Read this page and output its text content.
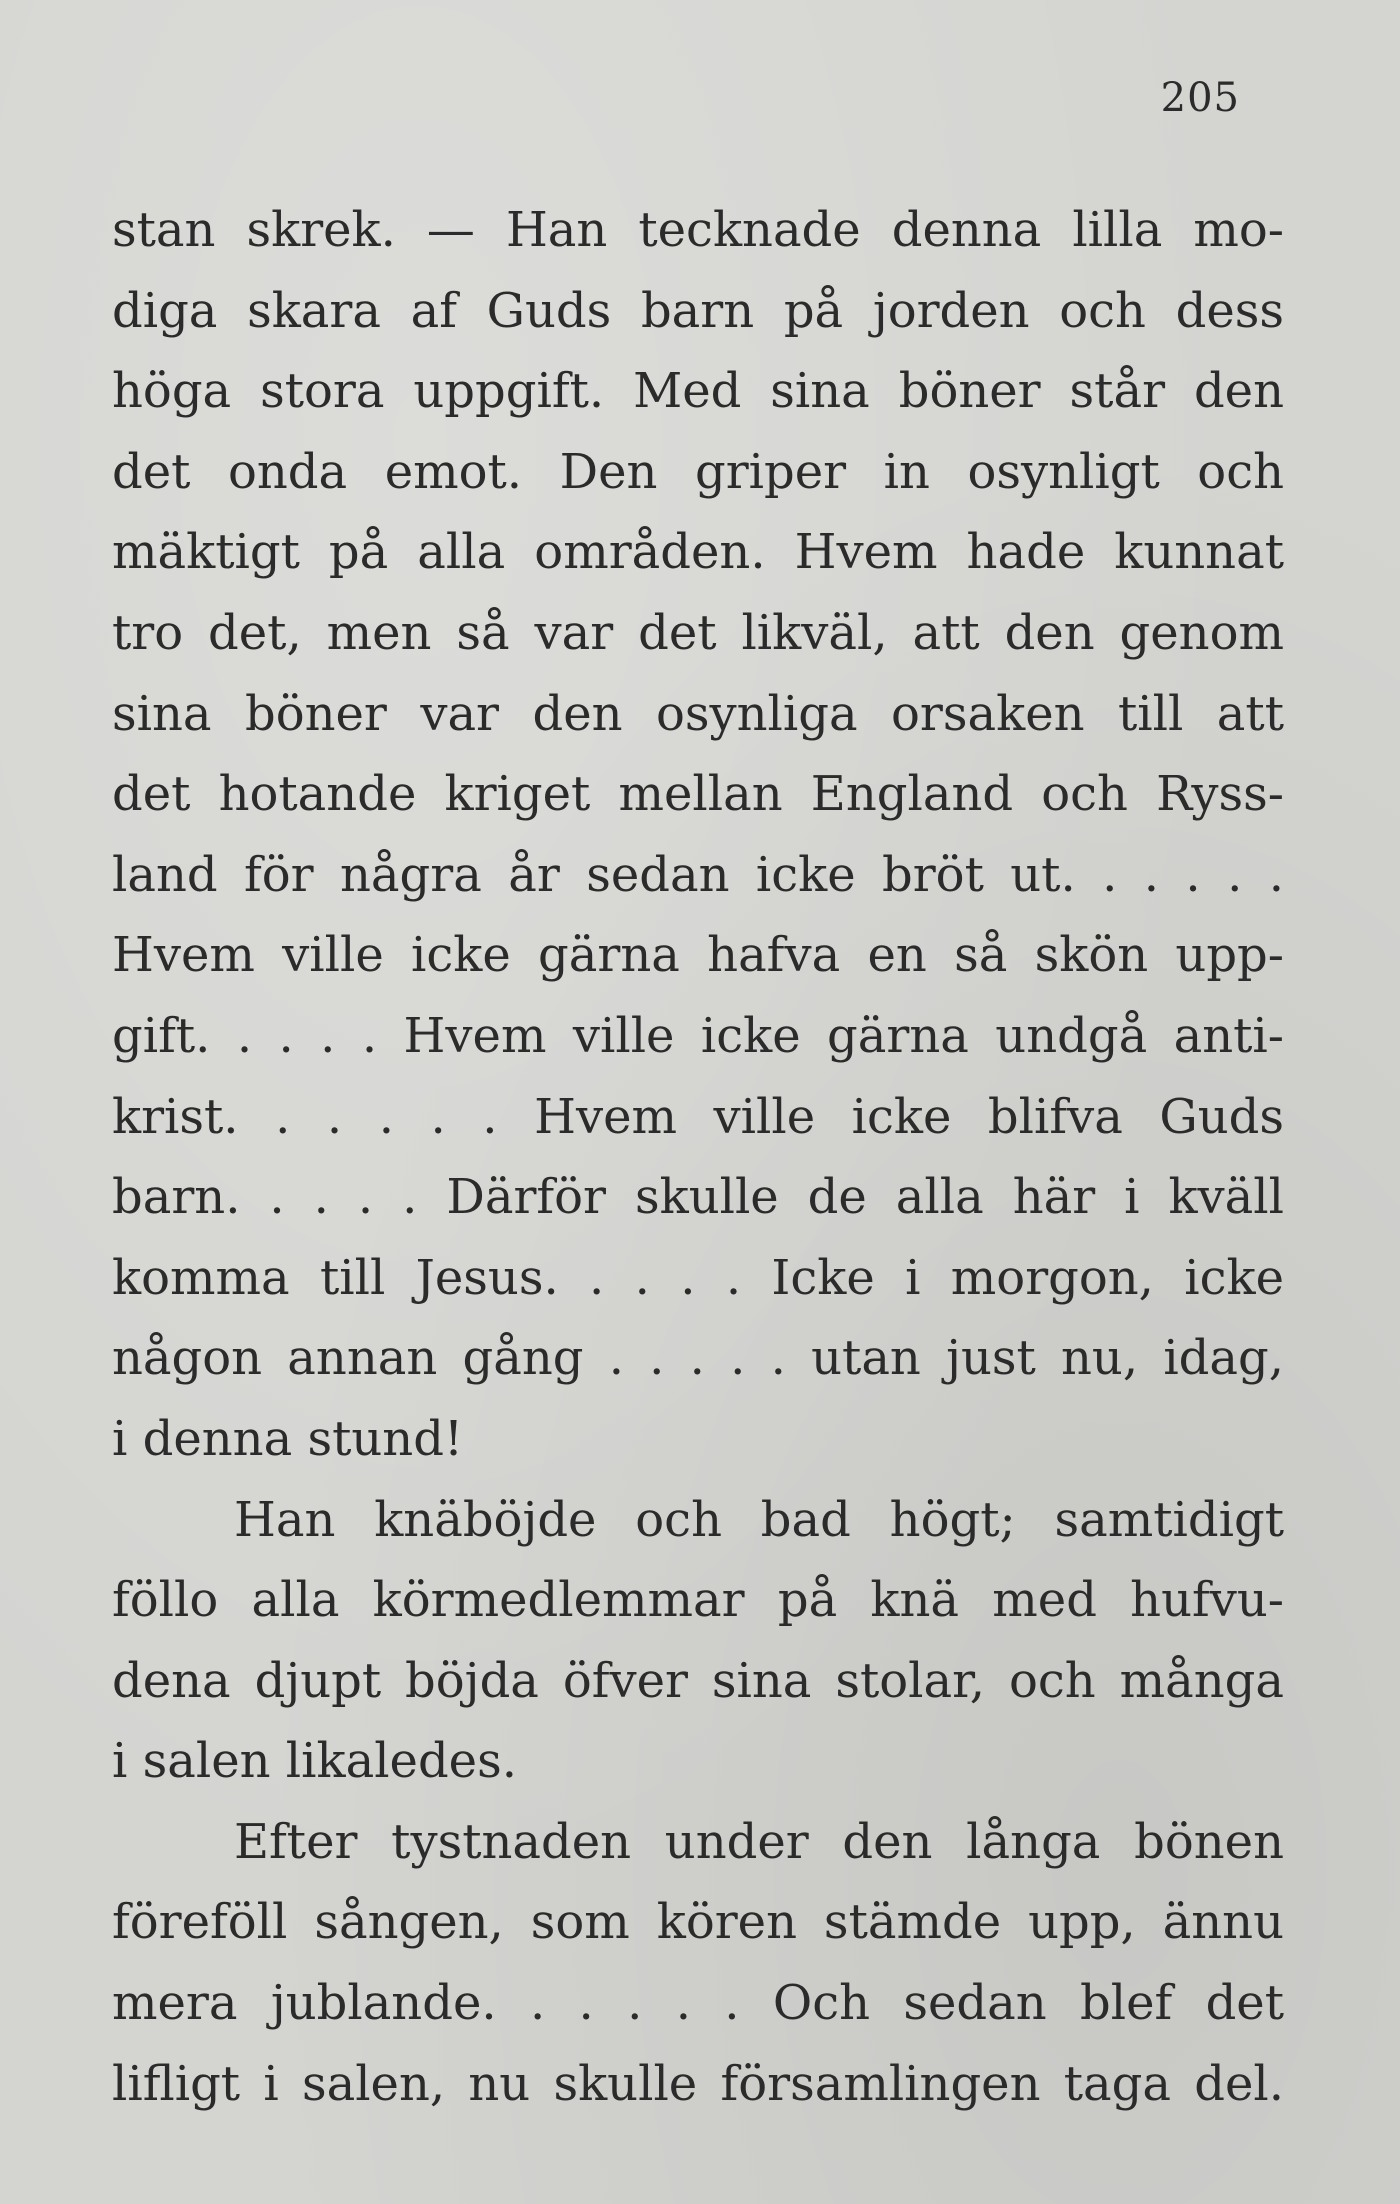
205
stan skrek. — Han tecknade denna lilla mo-
diga skara af Guds barn på jorden och dess
höga stora uppgift. Med sina böner står den
det onda emot. Den griper in osynligt och
mäktigt på alla områden. Hvem hade kunnat
tro det, men så var det likväl, att den genom
sina böner var den osynliga orsaken till att
det hotande kriget mellan England och Ryss-
land för några år sedan icke bröt ut. . . . . .
Hvem ville icke gärna hafva en så skön upp-
gift. . . . . Hvem ville icke gärna undgå anti-
krist. . . . . . Hvem ville icke blifva Guds
barn. . . . . Därför skulle de alla här i kväll
komma till Jesus. . . . . Icke i morgon, icke
någon annan gång . . . . . utan just nu, idag,
i denna stund!
Han knäböjde och bad högt; samtidigt
föllo alla körmedlemmar på knä med hufvu-
dena djupt böjda öfver sina stolar, och många
i salen likaledes.
Efter tystnaden under den långa bönen
föreföll sången, som kören stämde upp, ännu
mera jublande. . . . . . Och sedan blef det
lifligt i salen, nu skulle församlingen taga del.
